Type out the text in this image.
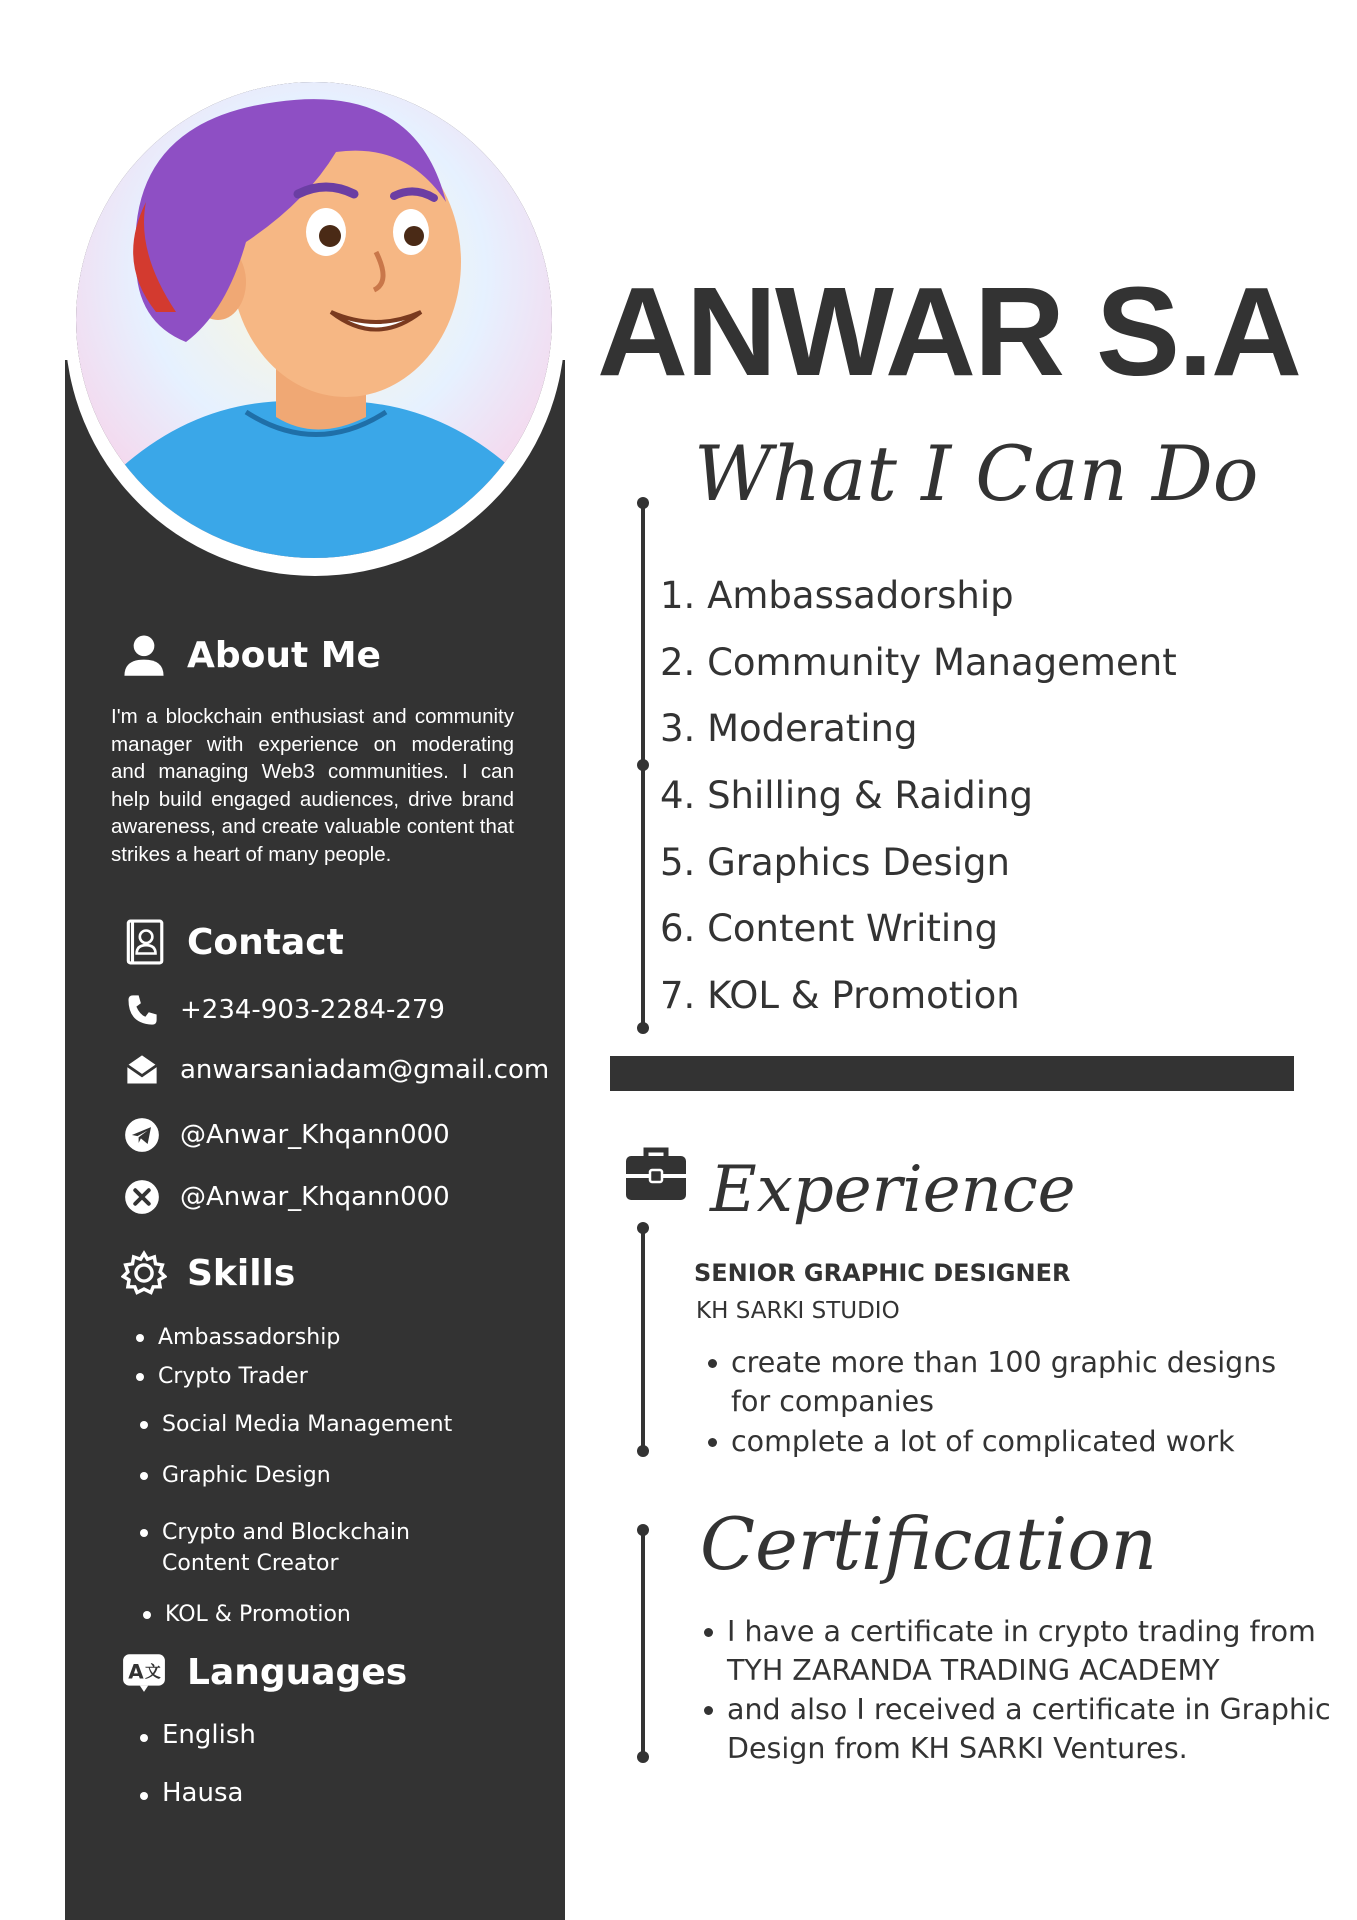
About Me

I'm a blockchain enthusiast and community manager with experience on moderating and managing Web3 communities. I can help build engaged audiences, drive brand awareness, and create valuable content that strikes a heart of many people.

Contact
+234-903-2284-279
anwarsaniadam@gmail.com
@Anwar_Khqann000
@Anwar_Khqann000
Skills
Ambassadorship
Crypto Trader
Social Media Management
Graphic Design
Crypto and Blockchain
Content Creator
KOL & Promotion
A 文 Languages
English
Hausa
ANWAR S.A
What I Can Do
1. Ambassadorship
2. Community Management
3. Moderating
4. Shilling & Raiding
5. Graphics Design
6. Content Writing
7. KOL & Promotion
Experience
SENIOR GRAPHIC DESIGNER
KH SARKI STUDIO
create more than 100 graphic designs
for companies
complete a lot of complicated work
Certification
I have a certificate in crypto trading from
TYH ZARANDA TRADING ACADEMY
and also I received a certificate in Graphic
Design from KH SARKI Ventures.
